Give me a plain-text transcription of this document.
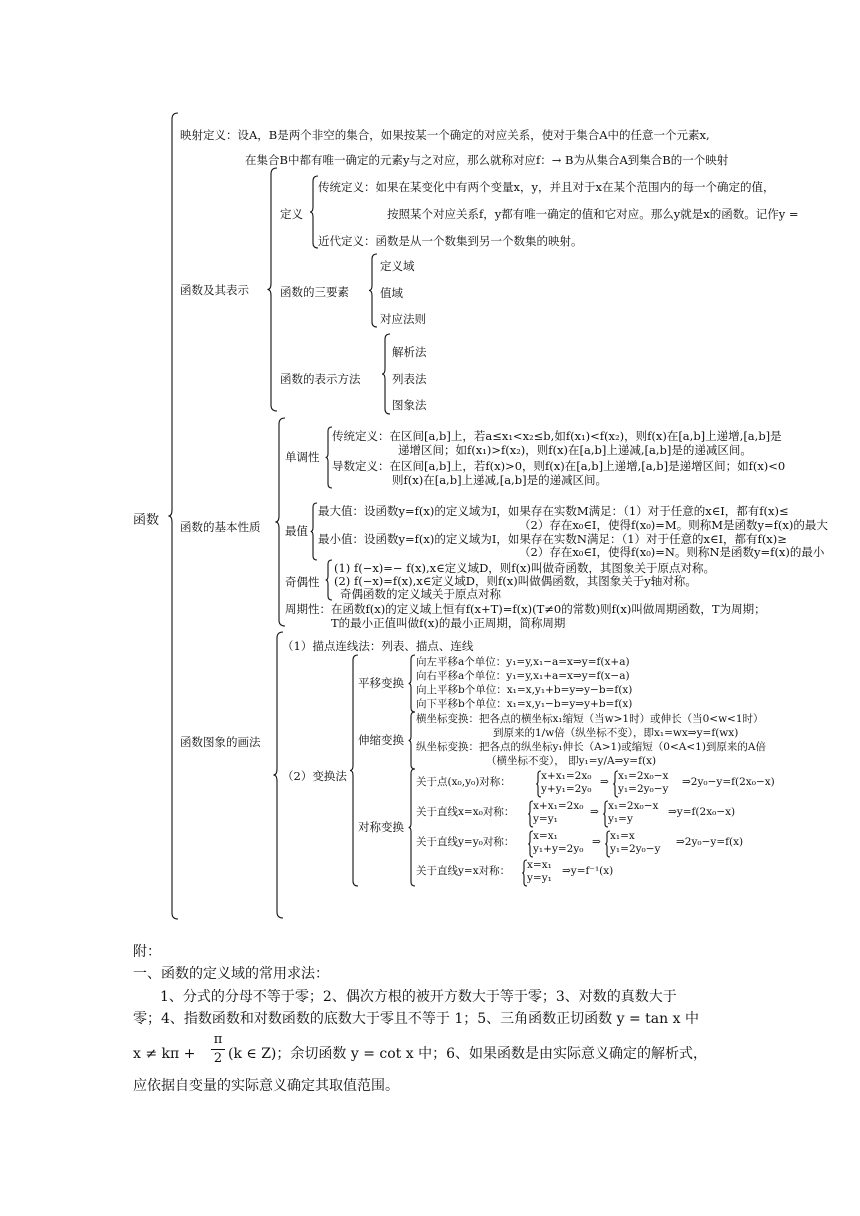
函数
函数及其表示
映射定义：设A，B是两个非空的集合，如果按某一个确定的对应关系，使对于集合A中的任意一个元素x,
在集合B中都有唯一确定的元素y与之对应，那么就称对应f：→ B为从集合A到集合B的一个映射
定义
传统定义：如果在某变化中有两个变量x，y，并且对于x在某个范围内的每一个确定的值，
按照某个对应关系f，y都有唯一确定的值和它对应。那么y就是x的函数。记作y =
近代定义：函数是从一个数集到另一个数集的映射。
函数的三要素
定义域
值域
对应法则
函数的表示方法
解析法
列表法
图象法
函数的基本性质
单调性
传统定义：在区间[a,b]上，若a≤x₁<x₂≤b,如f(x₁)<f(x₂)，则f(x)在[a,b]上递增,[a,b]是
递增区间；如f(x₁)>f(x₂)，则f(x)在[a,b]上递减,[a,b]是的递减区间。
导数定义：在区间[a,b]上，若f(x)>0，则f(x)在[a,b]上递增,[a,b]是递增区间；如f(x)<0
则f(x)在[a,b]上递减,[a,b]是的递减区间。
最值
最大值：设函数y=f(x)的定义域为I，如果存在实数M满足：（1）对于任意的x∈I，都有f(x)≤
（2）存在x₀∈I，使得f(x₀)=M。则称M是函数y=f(x)的最大
最小值：设函数y=f(x)的定义域为I，如果存在实数N满足：（1）对于任意的x∈I，都有f(x)≥
（2）存在x₀∈I，使得f(x₀)=N。则称N是函数y=f(x)的最小
奇偶性
(1) f(−x)=− f(x),x∈定义域D，则f(x)叫做奇函数，其图象关于原点对称。
(2) f(−x)=f(x),x∈定义域D，则f(x)叫做偶函数，其图象关于y轴对称。
奇偶函数的定义域关于原点对称
周期性：在函数f(x)的定义域上恒有f(x+T)=f(x)(T≠0的常数)则f(x)叫做周期函数，T为周期；
T的最小正值叫做f(x)的最小正周期，简称周期
函数图象的画法
（1）描点连线法：列表、描点、连线
（2）变换法
平移变换
向左平移a个单位：y₁=y,x₁−a=x⇒y=f(x+a)
向右平移a个单位：y₁=y,x₁+a=x⇒y=f(x−a)
向上平移b个单位：x₁=x,y₁+b=y⇒y−b=f(x)
向下平移b个单位：x₁=x,y₁−b=y⇒y+b=f(x)
伸缩变换
横坐标变换：把各点的横坐标x₁缩短（当w>1时）或伸长（当0<w<1时）
到原来的1/w倍（纵坐标不变），即x₁=wx⇒y=f(wx)
纵坐标变换：把各点的纵坐标y₁伸长（A>1)或缩短（0<A<1)到原来的A倍
（横坐标不变）， 即y₁=y/A⇒y=f(x)
对称变换
关于点(x₀,y₀)对称：	x+x₁=2x₀
y+y₁=2y₀
⇒ x₁=2x₀−x
y₁=2y₀−y
⇒2y₀−y=f(2x₀−x)
关于直线x=x₀对称： x+x₁=2x₀
y=y₁
⇒ x₁=2x₀−x
y₁=y
⇒y=f(2x₀−x)
关于直线y=y₀对称： x=x₁
y₁+y=2y₀
⇒ x₁=x
y₁=2y₀−y
⇒2y₀−y=f(x)
关于直线y=x对称： x=x₁
y=y₁
⇒y=f⁻¹(x)
附：
一、函数的定义域的常用求法：
1、分式的分母不等于零；2、偶次方根的被开方数大于等于零；3、对数的真数大于
零；4、指数函数和对数函数的底数大于零且不等于 1；5、三角函数正切函数 y = tan x 中
x ≠ kπ +
π
2 (k ∈ Z)；余切函数 y = cot x 中；6、如果函数是由实际意义确定的解析式，
应依据自变量的实际意义确定其取值范围。
